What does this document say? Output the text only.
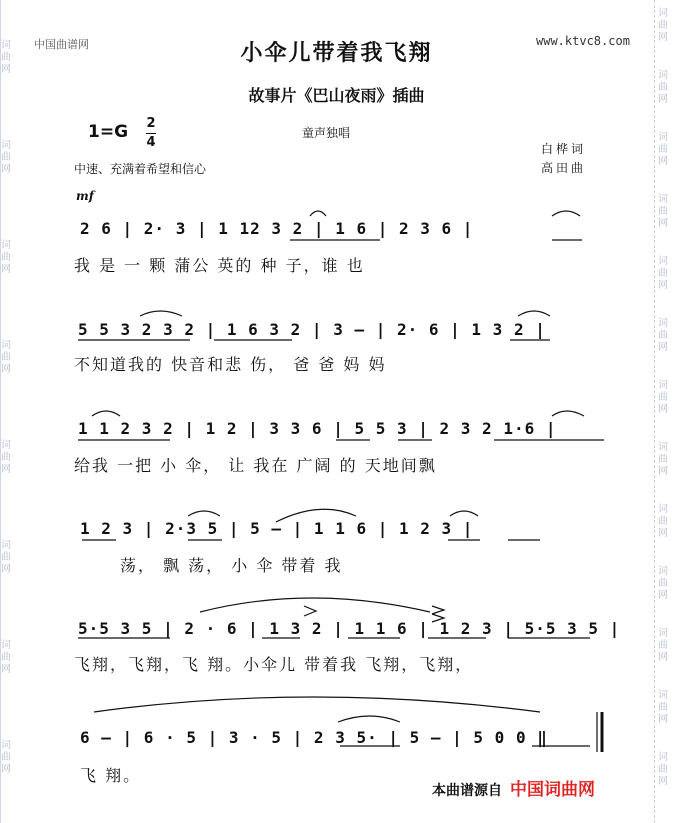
词曲网
词曲网
词曲网
词曲网
词曲网
词曲网
词曲网
词曲网
词曲网
词曲网
词曲网
词曲网
词曲网
词曲网
词曲网
词曲网
词曲网
词曲网
词曲网
词曲网
词曲网
中国曲谱网	www.ktvc8.com
小伞儿带着我飞翔
故事片《巴山夜雨》插曲
1=G 2
4
童声独唱
白桦词
高田曲
中速、充满着希望和信心
mf
2 6 | 2· 3 | 1 12 3 2 | 1 6 | 2 3 6 |
我 是 一 颗 蒲公 英的 种 子，谁 也
5 5 3 2 3 2 | 1 6 3 2 | 3 – | 2· 6 | 1 3 2 |
不知道我的 快音和悲 伤， 爸 爸 妈 妈
1 1 2 3 2 | 1 2 | 3 3 6 | 5 5 3 | 2 3 2 1·6 |
给我 一把 小 伞， 让 我在 广阔 的 天地间飘
1 2 3 | 2·3 5 | 5 – | 1 1 6 | 1 2 3 |
荡， 飘 荡， 小 伞 带着 我
5·5 3 5 | 2 · 6 | 1 3 2 | 1 1 6 | 1 2 3 | 5·5 3 5 |
飞翔，飞翔，飞 翔。小伞儿 带着我 飞翔，飞翔，
6 – | 6 · 5 | 3 · 5 | 2 3 5· | 5 – | 5 0 0 ‖
飞 翔。
本曲谱源自 中国词曲网
